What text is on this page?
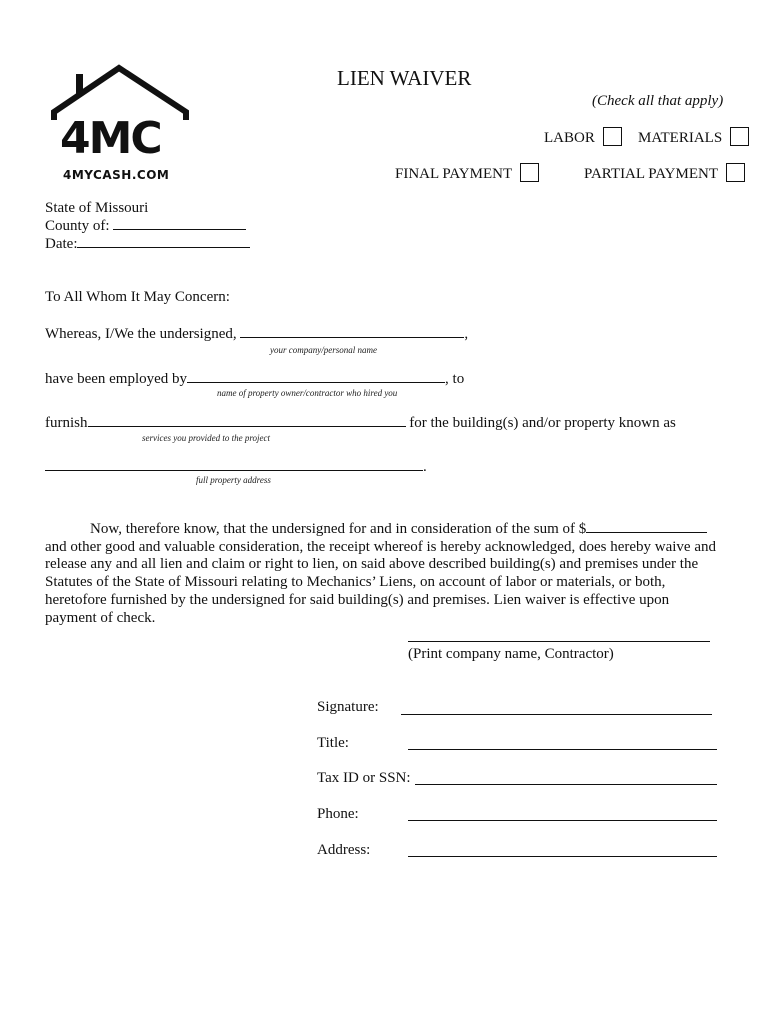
4MC
4MYCASH.COM
LIEN WAIVER
(Check all that apply)
LABOR	MATERIALS
FINAL PAYMENT	PARTIAL PAYMENT
State of Missouri
County of:
Date:
To All Whom It May Concern:
Whereas, I/We the undersigned,	,
your company/personal name
have been employed by	, to
name of property owner/contractor who hired you
furnish	for the building(s) and/or property known as
services you provided to the project
.
full property address
Now, therefore know, that the undersigned for and in consideration of the sum of $
and other good and valuable consideration, the receipt whereof is hereby acknowledged, does hereby waive and
release any and all lien and claim or right to lien, on said above described building(s) and premises under the
Statutes of the State of Missouri relating to Mechanics’ Liens, on account of labor or materials, or both,
heretofore furnished by the undersigned for said building(s) and premises. Lien waiver is effective upon
payment of check.
(Print company name, Contractor)
Signature:
Title:
Tax ID or SSN:
Phone:
Address:
